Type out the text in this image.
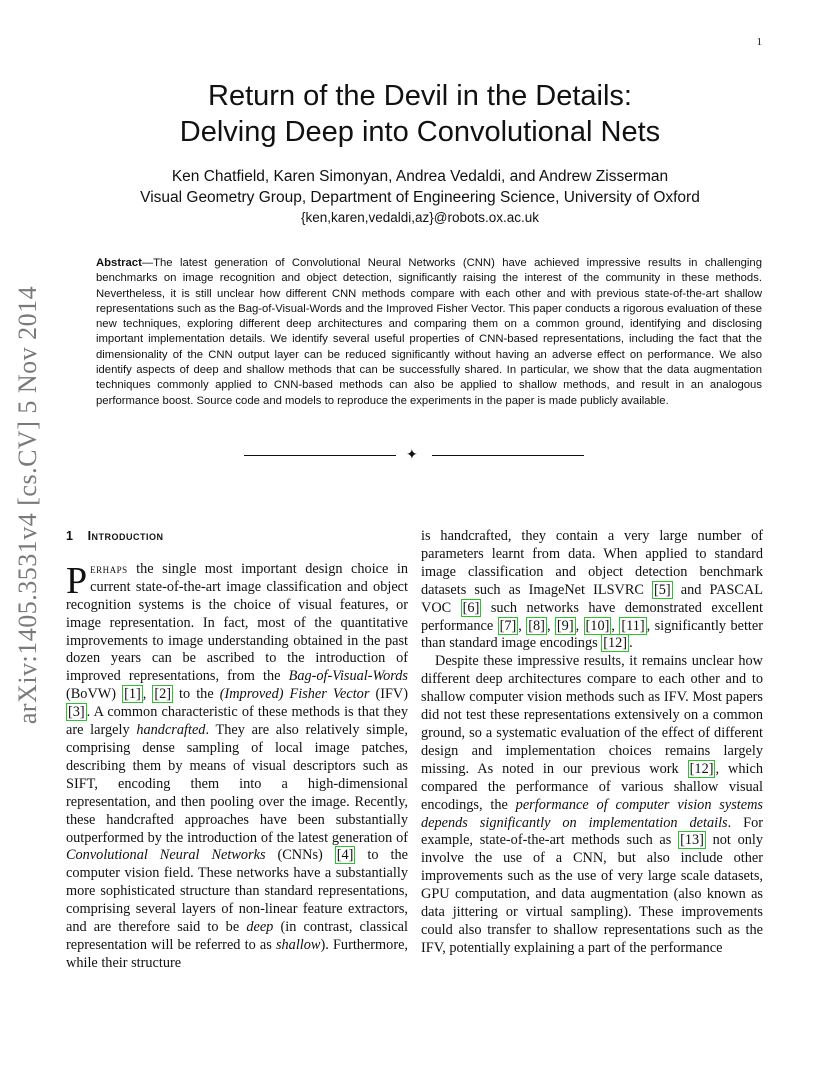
1
arXiv:1405.3531v4 [cs.CV] 5 Nov 2014
Return of the Devil in the Details:
Delving Deep into Convolutional Nets
Ken Chatfield, Karen Simonyan, Andrea Vedaldi, and Andrew Zisserman
Visual Geometry Group, Department of Engineering Science, University of Oxford
{ken,karen,vedaldi,az}@robots.ox.ac.uk
Abstract—The latest generation of Convolutional Neural Networks (CNN) have achieved impressive results in challenging benchmarks on image recognition and object detection, significantly raising the interest of the community in these methods. Nevertheless, it is still unclear how different CNN methods compare with each other and with previous state-of-the-art shallow representations such as the Bag-of-Visual-Words and the Improved Fisher Vector. This paper conducts a rigorous evaluation of these new techniques, exploring different deep architectures and comparing them on a common ground, identifying and disclosing important implementation details. We identify several useful properties of CNN-based representations, including the fact that the dimensionality of the CNN output layer can be reduced significantly without having an adverse effect on performance. We also identify aspects of deep and shallow methods that can be successfully shared. In particular, we show that the data augmentation techniques commonly applied to CNN-based methods can also be applied to shallow methods, and result in an analogous performance boost. Source code and models to reproduce the experiments in the paper is made publicly available.
✦
1 Introduction

Perhaps the single most important design choice in current state-of-the-art image classification and object recognition systems is the choice of visual features, or image representation. In fact, most of the quantitative improvements to image understanding obtained in the past dozen years can be ascribed to the introduction of improved representations, from the Bag-of-Visual-Words (BoVW) [1] , [2] to the (Improved) Fisher Vector (IFV) [3] . A common characteristic of these methods is that they are largely handcrafted. They are also relatively simple, comprising dense sampling of local image patches, describing them by means of visual descriptors such as SIFT, encoding them into a high-dimensional representation, and then pooling over the image. Recently, these handcrafted approaches have been substantially outperformed by the introduction of the latest generation of Convolutional Neural Networks (CNNs) [4] to the computer vision field. These networks have a substantially more sophisticated structure than standard representations, comprising several layers of non-linear feature extractors, and are therefore said to be deep (in contrast, classical representation will be referred to as shallow). Furthermore, while their structure

is handcrafted, they contain a very large number of parameters learnt from data. When applied to standard image classification and object detection benchmark datasets such as ImageNet ILSVRC [5] and PASCAL VOC [6] such networks have demonstrated excellent performance [7] , [8] , [9] , [10] , [11] , significantly better than standard image encodings [12] .

Despite these impressive results, it remains unclear how different deep architectures compare to each other and to shallow computer vision methods such as IFV. Most papers did not test these representations extensively on a common ground, so a systematic evaluation of the effect of different design and implementation choices remains largely missing. As noted in our previous work [12] , which compared the performance of various shallow visual encodings, the performance of computer vision systems depends significantly on implementation details. For example, state-of-the-art methods such as [13] not only involve the use of a CNN, but also include other improvements such as the use of very large scale datasets, GPU computation, and data augmentation (also known as data jittering or virtual sampling). These improvements could also transfer to shallow representations such as the IFV, potentially explaining a part of the performance
